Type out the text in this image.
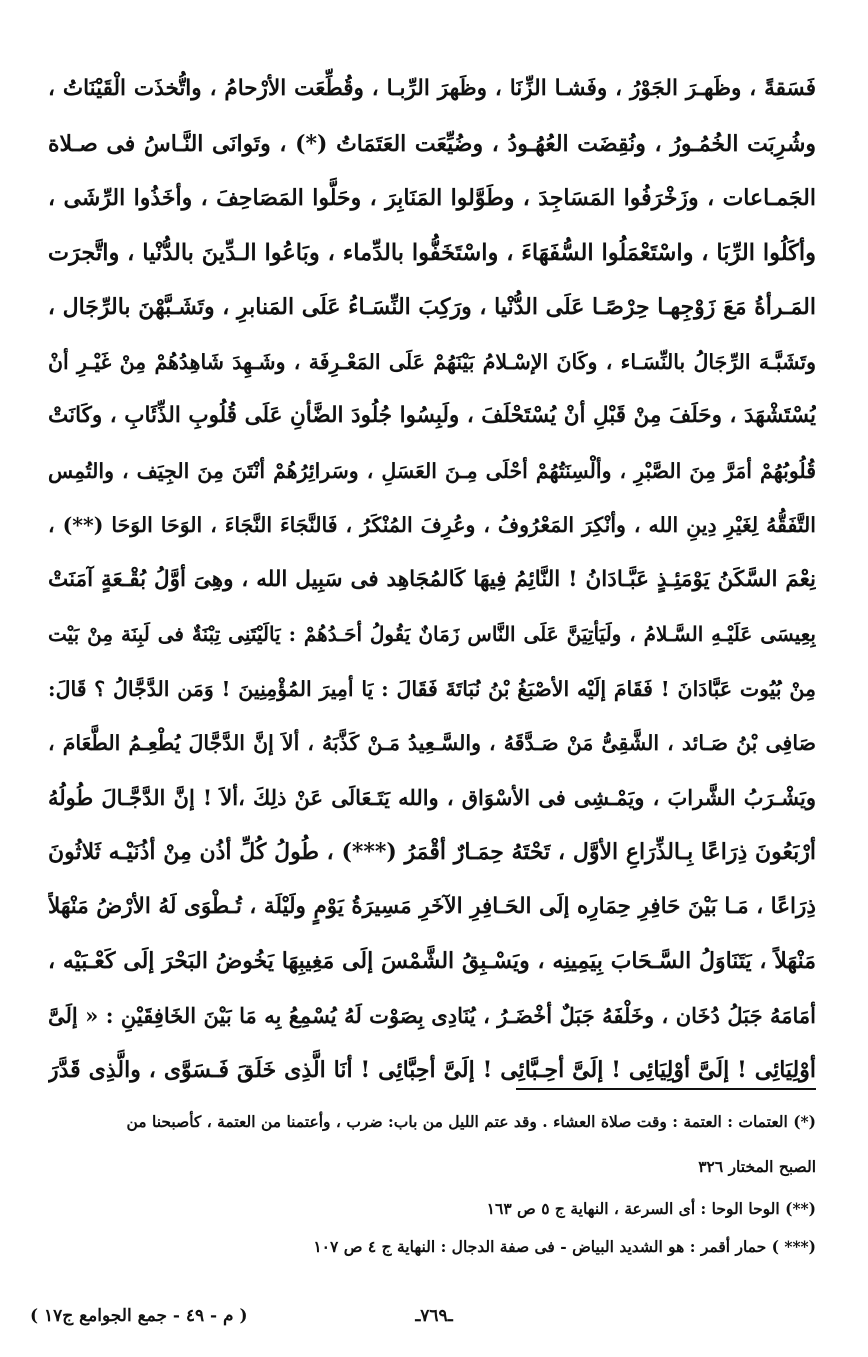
فَسَقةً ، وظَهـرَ الجَوْرُ ، وفَشـا الزِّنَا ، وظَهرَ الرِّبـا ، وقُطِّعَت الأرْحامُ ، واتُّخذَت الْقَيْنَاتُ ،
وشُرِبَت الخُمُـورُ ، ونُقِضَت العُهُـودُ ، وضُيِّعَت العَتَمَاتُ (*) ، وتَوانَى النَّـاسُ فى صـلاة
الجَمـاعات ، وزَخْرَفُوا المَسَاجِدَ ، وطَوَّلوا المَنَابِرَ ، وحَلَّوا المَصَاحِفَ ، وأخَذُوا الرِّشَى ،
وأكَلُوا الرِّبَا ، واسْتَعْمَلُوا السُّفَهَاءَ ، واسْتَخَفُّوا بالدِّماء ، وبَاعُوا الـدِّينَ بالدُّنْيا ، واتَّجرَت
المَـرأةُ مَعَ زَوْجِهـا حِرْصًـا عَلَى الدُّنْيا ، ورَكِبَ النِّسَـاءُ عَلَى المَنابرِ ، وتَشَـبَّهْنَ بالرِّجَال ،
وتَشَبَّـهَ الرِّجَالُ بالنِّسَـاء ، وكَانَ الإسْـلامُ بَيْنَهُمْ عَلَى المَعْـرِفَة ، وشَـهِدَ شَاهِدُهُمْ مِنْ غَيْـرِ أنْ
يُسْتَشْهَدَ ، وحَلَفَ مِنْ قَبْلِ أنْ يُسْتَحْلَفَ ، ولَبِسُوا جُلُودَ الضَّأنِ عَلَى قُلُوبِ الذِّئَابِ ، وكَانَتْ
قُلُوبُهُمْ أمَرَّ مِنَ الصَّبْرِ ، وألْسِنَتُهُمْ أحْلَى مِـنَ العَسَلِ ، وسَرائِرُهُمْ أنْتَنَ مِنَ الجِيَف ، والتُمِس
التَّفَقُّهُ لِغَيْرِ دِينِ الله ، وأنْكِرَ المَعْرُوفُ ، وعُرِفَ المُنْكَرُ ، فَالنَّجَاءَ النَّجَاءَ ، الوَحَا الوَحَا (**) ،
نِعْمَ السَّكَنُ يَوْمَئِـذٍ عَبَّـادَانُ ! النَّائِمُ فِيهَا كَالمُجَاهِد فى سَبِيل الله ، وهِىَ أوَّلُ بُقْـعَةٍ آمَنَتْ
بِعِيسَى عَلَيْـهِ السَّـلامُ ، ولَيَأتِيَنَّ عَلَى النَّاس زَمَانٌ يَقُولُ أحَـدُهُمْ : يَالَيْتَنِى تِبْنَةٌ فى لَبِنَة مِنْ بَيْت
مِنْ بُيُوت عَبَّادَانَ ! فَقَامَ إلَيْه الأصْبَغُ بْنُ نُبَاتَةَ فَقَالَ : يَا أمِيرَ المُؤْمِنِينَ ! وَمَن الدَّجَّالُ ؟ قَالَ:
صَافِى بْنُ صَـائد ، الشَّقِىُّ مَنْ صَـدَّقَهُ ، والسَّـعِيدُ مَـنْ كَذَّبَهُ ، ألاَ إنَّ الدَّجَّالَ يُطْعِـمُ الطَّعَامَ ،
ويَشْـرَبُ الشَّرابَ ، ويَمْـشِى فى الأسْوَاق ، والله يَتَـعَالَى عَنْ ذلِكَ ،ألاَ ! إنَّ الدَّجَّـالَ طُولُهُ
أرْبَعُونَ ذِرَاعًا بِـالذِّرَاعِ الأوَّل ، تَحْتَهُ حِمَـارٌ أقْمَرُ (***) ، طُولُ كُلِّ أذُن مِنْ أذُنَيْـه ثَلاثُونَ
ذِرَاعًا ، مَـا بَيْنَ حَافِرِ حِمَارِه إلَى الحَـافِرِ الآخَرِ مَسِيرَةُ يَوْمٍ ولَيْلَة ، تُـطْوَى لَهُ الأرْضُ مَنْهَلاً
مَنْهَلاً ، يَتَنَاوَلُ السَّـحَابَ بِيَمِينِه ، ويَسْـبِقُ الشَّمْسَ إلَى مَغِيبِهَا يَخُوضُ البَحْرَ إلَى كَعْـبَيْه ،
أمَامَهُ جَبَلُ دُخَان ، وخَلْفَهُ جَبَلٌ أخْضَـرُ ، يُنَادِى بِصَوْت لَهُ يُسْمِعُ بِه مَا بَيْنَ الخَافِقَيْنِ : « إلَىَّ
أوْلِيَائِى ! إلَىَّ أوْلِيَائِى ! إلَىَّ أحِـبَّائِى ! إلَىَّ أحِبَّائِى ! أنَا الَّذِى خَلَقَ فَـسَوَّى ، والَّذِى قَدَّرَ
(*) العتمات : العتمة : وقت صلاة العشاء . وقد عتم الليل من باب: ضرب ، وأعتمنا من العتمة ، كأصبحنا من
الصبح المختار ٣٢٦
(**) الوحا الوحا : أى السرعة ، النهاية ج ٥ ص ١٦٣
(*** ) حمار أقمر : هو الشديد البياض - فى صفة الدجال : النهاية ج ٤ ص ١٠٧
ـ٧٦٩ـ
( م - ٤٩ - جمع الجوامع ج١٧ )
